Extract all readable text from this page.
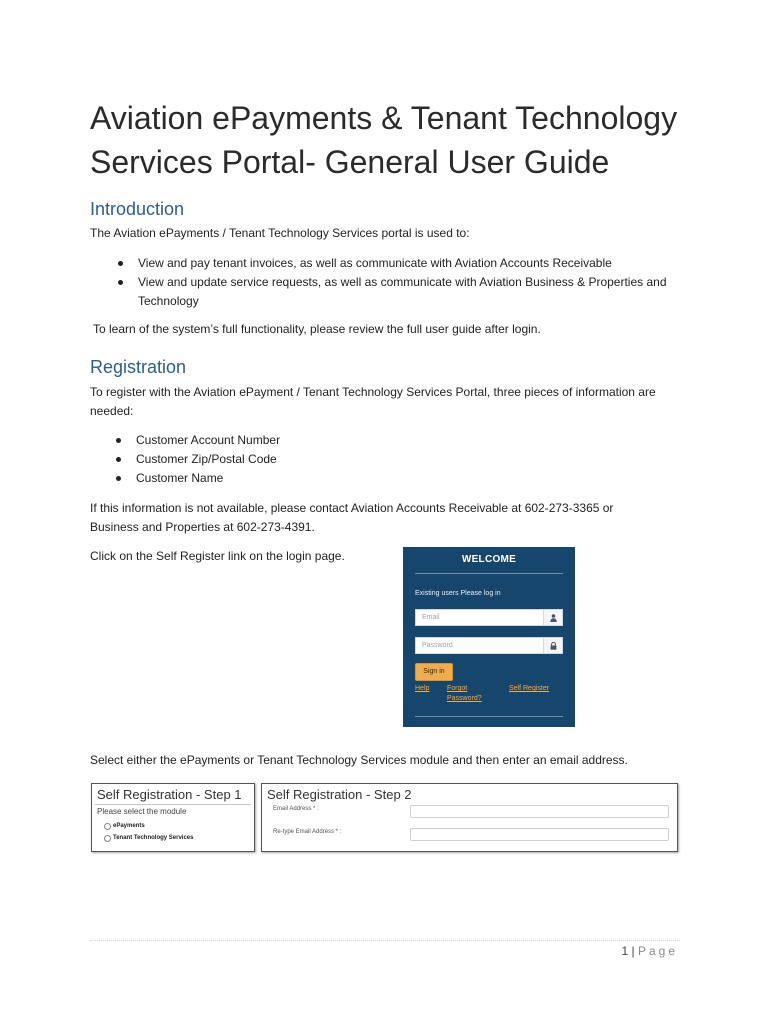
Aviation ePayments & Tenant Technology
Services Portal- General User Guide
Introduction

The Aviation ePayments / Tenant Technology Services portal is used to:

View and pay tenant invoices, as well as communicate with Aviation Accounts Receivable
View and update service requests, as well as communicate with Aviation Business & Properties and Technology

To learn of the system’s full functionality, please review the full user guide after login.

Registration

To register with the Aviation ePayment / Tenant Technology Services Portal, three pieces of information are needed:

Customer Account Number
Customer Zip/Postal Code
Customer Name

If this information is not available, please contact Aviation Accounts Receivable at 602-273-3365 or Business and Properties at 602-273-4391.

Click on the Self Register link on the login page.	WELCOME
Existing users Please log in
Email
Password
Sign in
Help	Forgot
Password?
Self Register

Select either the ePayments or Tenant Technology Services module and then enter an email address.

Self Registration - Step 1
Please select the module
ePayments
Tenant Technology Services
Self Registration - Step 2
Email Address * :
Re-type Email Address * :
1 | Page
